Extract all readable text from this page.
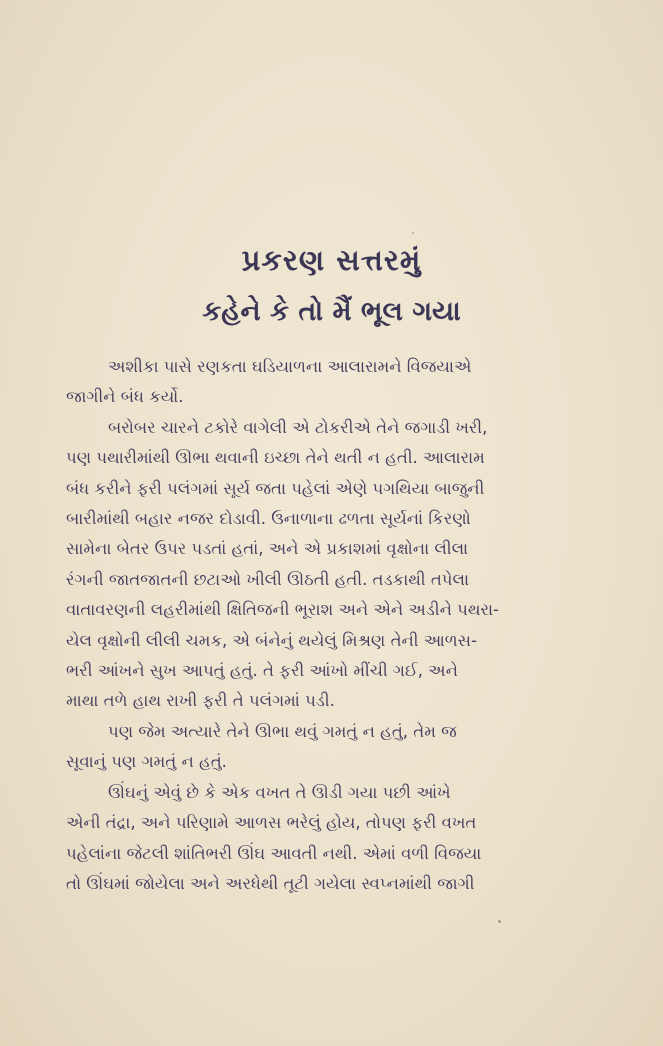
પ્રકરણ સત્તરમું
કહેને કે તો મૈં ભૂલ ગયા

અશીકા પાસે રણકતા ઘડિયાળના આલારામને વિજયાએ
જાગીને બંધ કર્યો.

બરોબર ચારને ટકોરે વાગેલી એ ટોકરીએ તેને જગાડી ખરી,
પણ પથારીમાંથી ઊભા થવાની ઇચ્છા તેને થતી ન હતી. આલારામ
બંધ કરીને ફરી પલંગમાં સૂર્ય જતા પહેલાં એણે પગથિયા બાજુની
બારીમાંથી બહાર નજર દોડાવી. ઉનાળાના ઢળતા સૂર્યનાં કિરણો
સામેના બેતર ઉપર પડતાં હતાં, અને એ પ્રકાશમાં વૃક્ષોના લીલા
રંગની જાતજાતની છટાઓ ખીલી ઊઠતી હતી. તડકાથી તપેલા
વાતાવરણની લહરીમાંથી ક્ષિતિજની ભૂરાશ અને એને અડીને પથરા-
યેલ વૃક્ષોની લીલી ચમક, એ બંનેનું થયેલું મિશ્રણ તેની આળસ-
ભરી આંખને સુખ આપતું હતું. તે ફરી આંખો મીંચી ગઈ, અને
માથા તળે હાથ રાખી ફરી તે પલંગમાં પડી.

પણ જેમ અત્યારે તેને ઊભા થવું ગમતું ન હતું, તેમ જ
સૂવાનું પણ ગમતું ન હતું.

ઊંઘનું એવું છે કે એક વખત તે ઊડી ગયા પછી આંખે
એની તંદ્રા, અને પરિણામે આળસ ભરેલું હોય, તોપણ ફરી વખત
પહેલાંના જેટલી શાંતિભરી ઊંઘ આવતી નથી. એમાં વળી વિજયા
તો ઊંઘમાં જોયેલા અને અરધેથી તૂટી ગયેલા સ્વપ્નમાંથી જાગી
